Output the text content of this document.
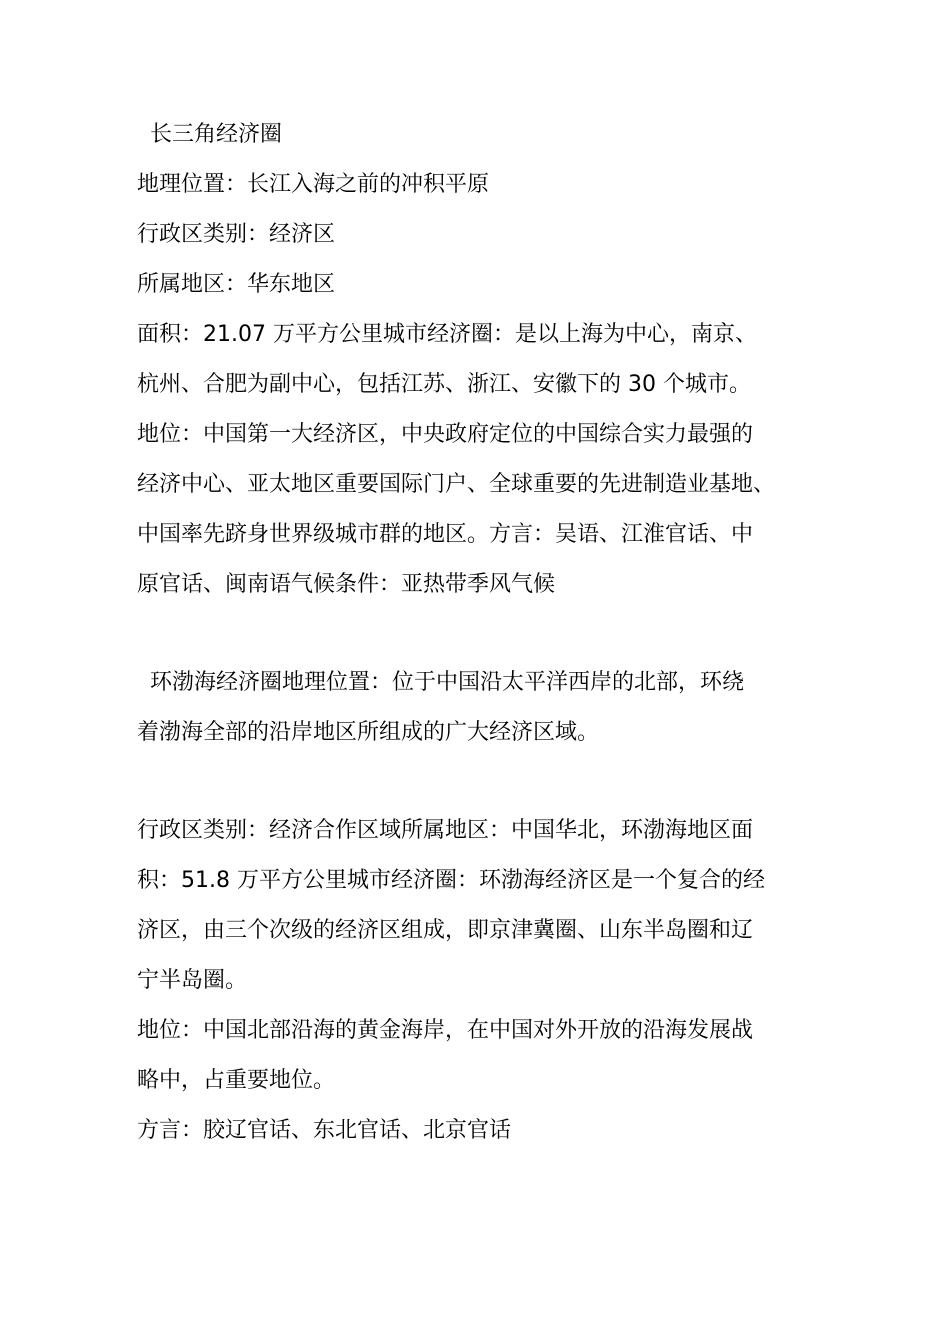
长三角经济圈
地理位置：长江入海之前的冲积平原
行政区类别：经济区
所属地区：华东地区
面积：21.07 万平方公里城市经济圈：是以上海为中心，南京、
杭州、合肥为副中心，包括江苏、浙江、安徽下的 30 个城市。
地位：中国第一大经济区，中央政府定位的中国综合实力最强的
经济中心、亚太地区重要国际门户、全球重要的先进制造业基地、
中国率先跻身世界级城市群的地区。方言：吴语、江淮官话、中
原官话、闽南语气候条件：亚热带季风气候
环渤海经济圈地理位置：位于中国沿太平洋西岸的北部，环绕
着渤海全部的沿岸地区所组成的广大经济区域。
行政区类别：经济合作区域所属地区：中国华北，环渤海地区面
积：51.8 万平方公里城市经济圈：环渤海经济区是一个复合的经
济区，由三个次级的经济区组成，即京津冀圈、山东半岛圈和辽
宁半岛圈。
地位：中国北部沿海的黄金海岸，在中国对外开放的沿海发展战
略中，占重要地位。
方言：胶辽官话、东北官话、北京官话
